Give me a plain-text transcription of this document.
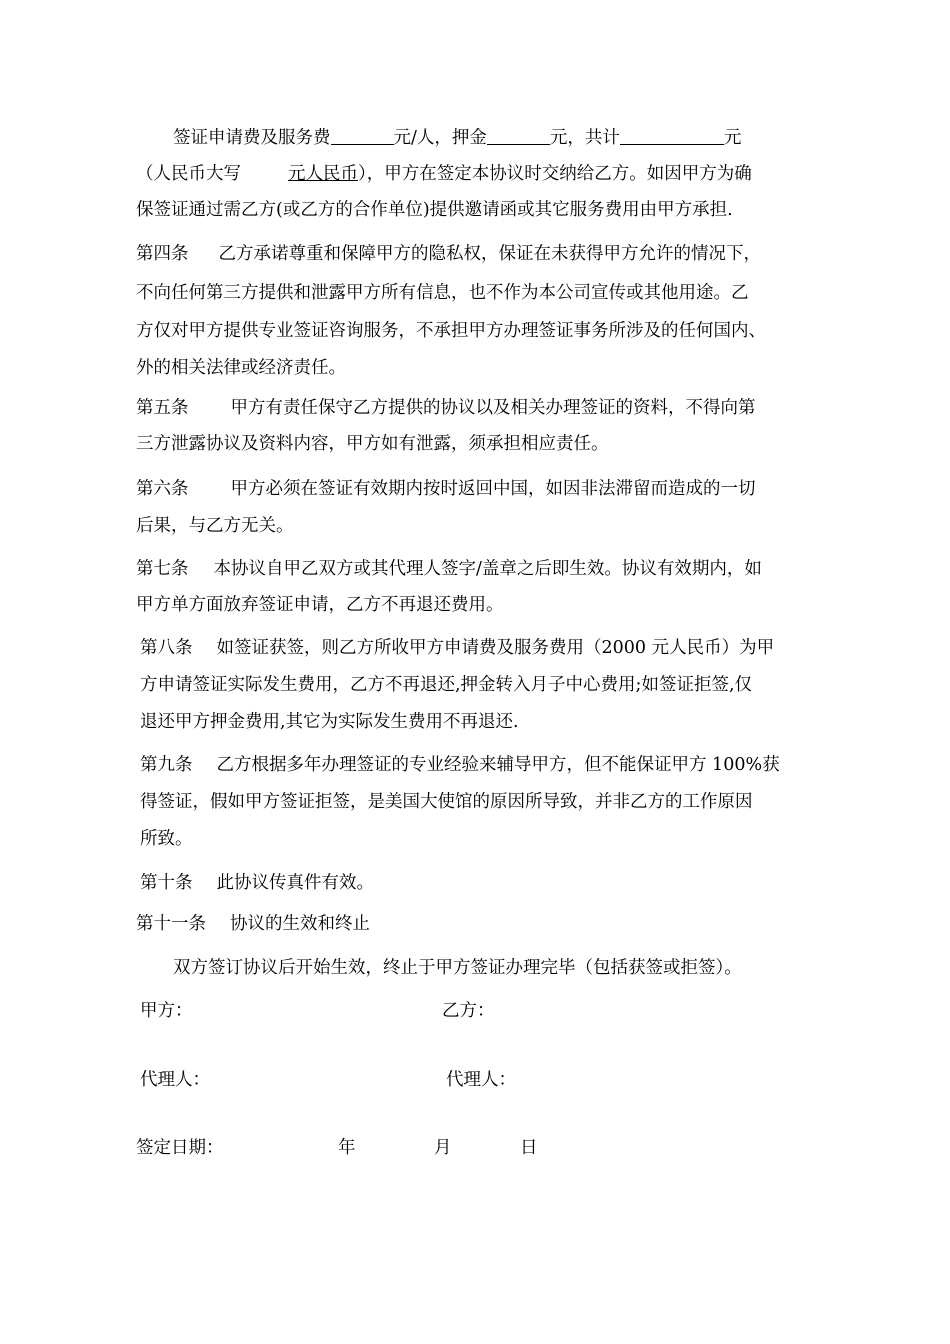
签证申请费及服务费	元/人，押金	元，共计	元
（人民币大写	元人民币），甲方在签定本协议时交纳给乙方。如因甲方为确
保签证通过需乙方(或乙方的合作单位)提供邀请函或其它服务费用由甲方承担.
第四条 乙方承诺尊重和保障甲方的隐私权，保证在未获得甲方允许的情况下，
不向任何第三方提供和泄露甲方所有信息，也不作为本公司宣传或其他用途。乙
方仅对甲方提供专业签证咨询服务，不承担甲方办理签证事务所涉及的任何国内、
外的相关法律或经济责任。
第五条 甲方有责任保守乙方提供的协议以及相关办理签证的资料，不得向第
三方泄露协议及资料内容，甲方如有泄露，须承担相应责任。
第六条 甲方必须在签证有效期内按时返回中国，如因非法滞留而造成的一切
后果，与乙方无关。
第七条 本协议自甲乙双方或其代理人签字/盖章之后即生效。协议有效期内，如
甲方单方面放弃签证申请，乙方不再退还费用。
第八条 如签证获签，则乙方所收甲方申请费及服务费用（2000 元人民币）为甲
方申请签证实际发生费用，乙方不再退还,押金转入月子中心费用;如签证拒签,仅
退还甲方押金费用,其它为实际发生费用不再退还.
第九条 乙方根据多年办理签证的专业经验来辅导甲方，但不能保证甲方 100%获
得签证，假如甲方签证拒签，是美国大使馆的原因所导致，并非乙方的工作原因
所致。
第十条 此协议传真件有效。
第十一条 协议的生效和终止
双方签订协议后开始生效，终止于甲方签证办理完毕（包括获签或拒签）。
甲方：	乙方：
代理人：	代理人：
签定日期：	年	月	日
